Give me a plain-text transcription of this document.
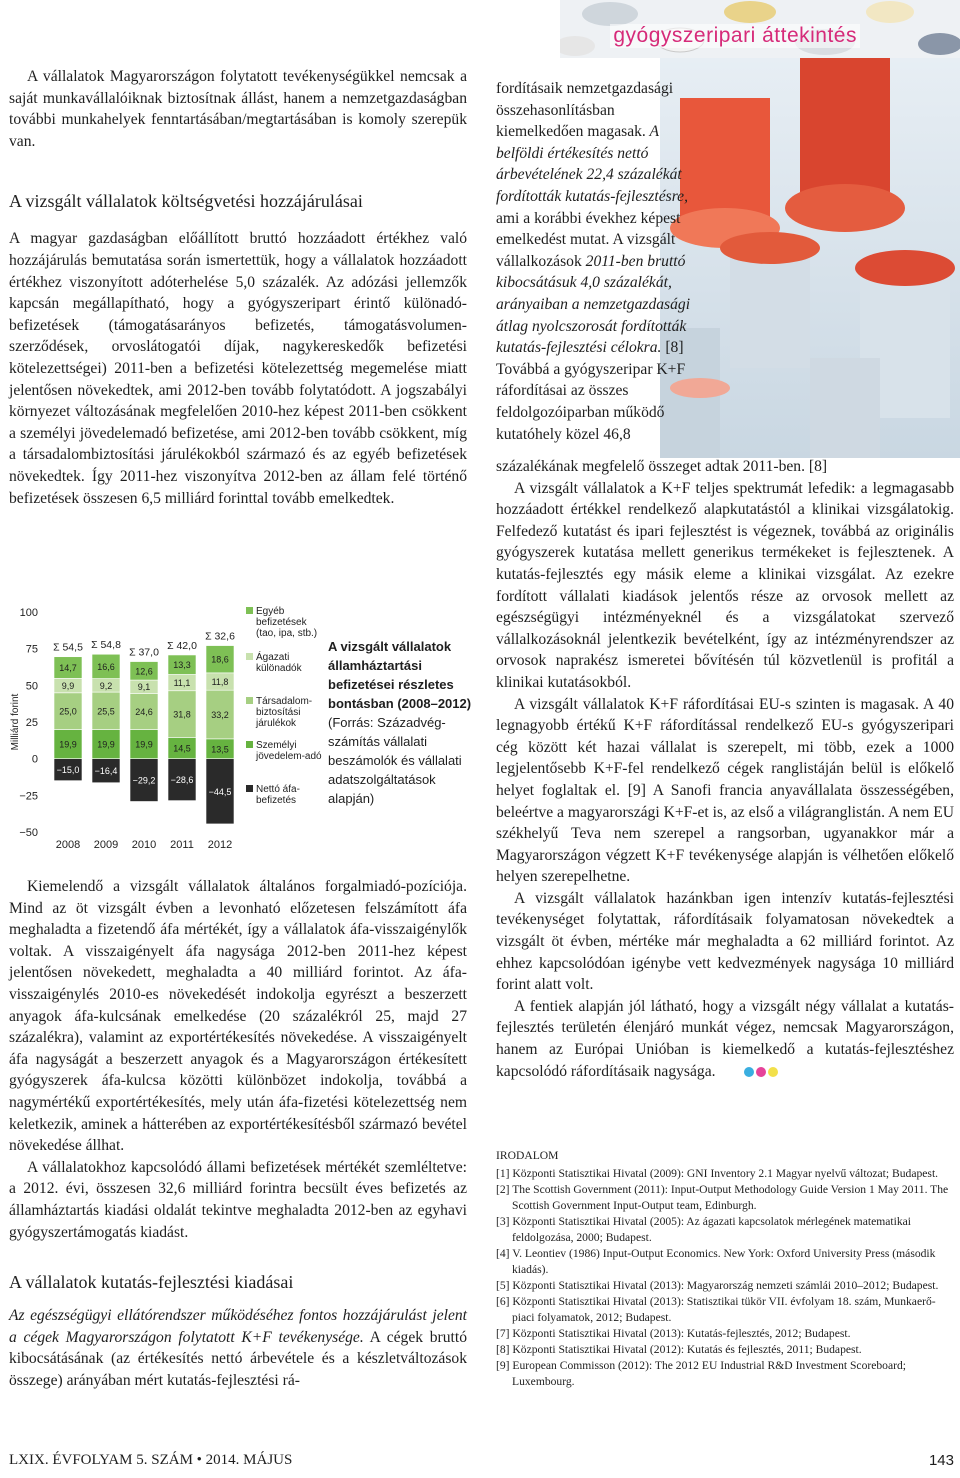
gyógyszeripari áttekintés

A vállalatok Magyarországon folytatott tevékenységükkel nemcsak a saját munkavállalóiknak biztosítnak állást, hanem a nemzetgazdaságban további munkahelyek fenntartásában/megtartásában is komoly szerepük van.

A vizsgált vállalatok költségvetési hozzájárulásai

A magyar gazdaságban előállított bruttó hozzáadott értékhez való hozzájárulás bemutatása során ismertettük, hogy a vállalatok hozzáadott értékhez viszonyított adóterhelése 5,0 százalék. Az adózási jellemzők kapcsán megállapítható, hogy a gyógyszeripart érintő különadó-befizetések (támogatásarányos befizetés, támogatásvolumen-szerződések, orvoslátogatói díjak, nagykereskedők befizetési kötelezettségei) 2011-ben a befizetési kötelezettség megemelése miatt jelentősen növekedtek, ami 2012-ben tovább folytatódott. A jogszabályi környezet változásának megfelelően 2010-hez képest 2011-ben csökkent a személyi jövedelemadó befizetése, ami 2012-ben tovább csökkent, míg a társadalombiztosítási járulékokból származó és az egyéb befizetések növekedtek. Így 2011-hez viszonyítva 2012-ben az állam felé történő befizetések összesen 6,5 milliárd forinttal tovább emelkedtek.

Milliárd forint
−50
−25
0
25
50
75
100
−15,0
19,9
25,0
9,9
14,7
Σ 54,5
2008
−16,4
19,9
25,5
9,2
16,6
Σ 54,8
2009
−29,2
19,9
24,6
9,1
12,6
Σ 37,0
2010
−28,6
14,5
31,8
11,1
13,3
Σ 42,0
2011
−44,5
13,5
33,2
11,8
18,6
Σ 32,6
2012
Egyéb befizetések (tao, ipa, stb.)
Ágazati különadók
Társadalom-biztosítási járulékok
Személyi jövedelem-adó
Nettó áfa-befizetés
A vizsgált vállalatok államháztartási befizetései részletes bontásban (2008–2012)
(Forrás: Századvég-számítás vállalati beszámolók és vállalati adatszolgáltatások alapján)

Kiemelendő a vizsgált vállalatok általános forgalmiadó-pozíciója. Mind az öt vizsgált évben a levonható előzetesen felszámított áfa meghaladta a fizetendő áfa mértékét, így a vállalatok áfa-visszaigénylők voltak. A visszaigényelt áfa nagysága 2012-ben 2011-hez képest jelentősen növekedett, meghaladta a 40 milliárd forintot. Az áfa-visszaigénylés 2010-es növekedését indokolja egyrészt a beszerzett anyagok áfa-kulcsának emelkedése (20 százalékról 25, majd 27 százalékra), valamint az exportértékesítés növekedése. A visszaigényelt áfa nagyságát a beszerzett anyagok és a Magyarországon értékesített gyógyszerek áfa-kulcsa közötti különbözet indokolja, továbbá a nagymértékű exportértékesítés, mely után áfa-fizetési kötelezettség nem keletkezik, aminek a hátterében az exportértékesítésből származó bevétel növekedése állhat.

A vállalatokhoz kapcsolódó állami befizetések mértékét szemléltetve: a 2012. évi, összesen 32,6 milliárd forintra becsült éves befizetés az államháztartás kiadási oldalát tekintve meghaladta 2012-ben az egyhavi gyógyszertámogatás kiadást.

A vállalatok kutatás-fejlesztési kiadásai

Az egészségügyi ellátórendszer működéséhez fontos hozzájárulást jelent a cégek Magyarországon folytatott K+F tevékenysége. A cégek bruttó kibocsátásának (az értékesítés nettó árbevétele és a készletváltozások összege) arányában mért kutatás-fejlesztési rá-

fordításaik nemzetgazdasági összehasonlításban kiemelkedően magasak. A belföldi értékesítés nettó árbevételének 22,4 százalékát fordították kutatás-fejlesztésre, ami a korábbi évekhez képest emelkedést mutat. A vizsgált vállalkozások 2011-ben bruttó kibocsátásuk 4,0 százalékát, arányaiban a nemzetgazdasági átlag nyolcszorosát fordították kutatás-fejlesztési célokra. [8] Továbbá a gyógyszeripar K+F ráfordításai az összes feldolgozóiparban működő kutatóhely közel 46,8

százalékának megfelelő összeget adtak 2011-ben. [8]

A vizsgált vállalatok a K+F teljes spektrumát lefedik: a legmagasabb hozzáadott értékkel rendelkező alapkutatástól a klinikai vizsgálatokig. Felfedező kutatást és ipari fejlesztést is végeznek, továbbá az originális gyógyszerek kutatása mellett generikus termékeket is fejlesztenek. A kutatás-fejlesztés egy másik eleme a klinikai vizsgálat. Az ezekre fordított vállalati kiadások jelentős része az orvosok mellett az egészségügyi intézményeknél és a vizsgálatokat szervező vállalkozásoknál jelentkezik bevételként, így az intézményrendszer az orvosok naprakész ismeretei bővítésén túl közvetlenül is profitál a klinikai kutatásokból.

A vizsgált vállalatok K+F ráfordításai EU-s szinten is magasak. A 40 legnagyobb értékű K+F ráfordítással rendelkező EU-s gyógyszeripari cég között két hazai vállalat is szerepelt, mi több, ezek a 1000 legjelentősebb K+F-fel rendelkező cégek ranglistáján belül is előkelő helyet foglaltak el. [9] A Sanofi francia anyavállalata összességében, beleértve a magyarországi K+F-et is, az első a világranglistán. A nem EU székhelyű Teva nem szerepel a rangsorban, ugyanakkor már a Magyarországon végzett K+F tevékenysége alapján is vélhetően előkelő helyen szerepelhetne.

A vizsgált vállalatok hazánkban igen intenzív kutatás-fejlesztési tevékenységet folytattak, ráfordításaik folyamatosan növekedtek a vizsgált öt évben, mértéke már meghaladta a 62 milliárd forintot. Az ehhez kapcsolódóan igénybe vett kedvezmények nagysága 10 milliárd forint alatt volt.

A fentiek alapján jól látható, hogy a vizsgált négy vállalat a kutatás-fejlesztés területén élenjáró munkát végez, nemcsak Magyarországon, hanem az Európai Unióban is kiemelkedő a kutatás-fejlesztéshez kapcsolódó ráfordításaik nagysága.

IRODALOM
[1] Központi Statisztikai Hivatal (2009): GNI Inventory 2.1 Magyar nyelvű változat; Budapest.
[2] The Scottish Government (2011): Input-Output Methodology Guide Version 1 May 2011. The Scottish Government Input-Output team, Edinburgh.
[3] Központi Statisztikai Hivatal (2005): Az ágazati kapcsolatok mérlegének matematikai feldolgozása, 2000; Budapest.
[4] V. Leontiev (1986) Input-Output Economics. New York: Oxford University Press (második kiadás).
[5] Központi Statisztikai Hivatal (2013): Magyarország nemzeti számlái 2010–2012; Budapest.
[6] Központi Statisztikai Hivatal (2013): Statisztikai tükör VII. évfolyam 18. szám, Munkaerő-piaci folyamatok, 2012; Budapest.
[7] Központi Statisztikai Hivatal (2013): Kutatás-fejlesztés, 2012; Budapest.
[8] Központi Statisztikai Hivatal (2012): Kutatás és fejlesztés, 2011; Budapest.
[9] European Commisson (2012): The 2012 EU Industrial R&D Investment Scoreboard; Luxembourg.
LXIX. ÉVFOLYAM 5. SZÁM • 2014. MÁJUS	143
